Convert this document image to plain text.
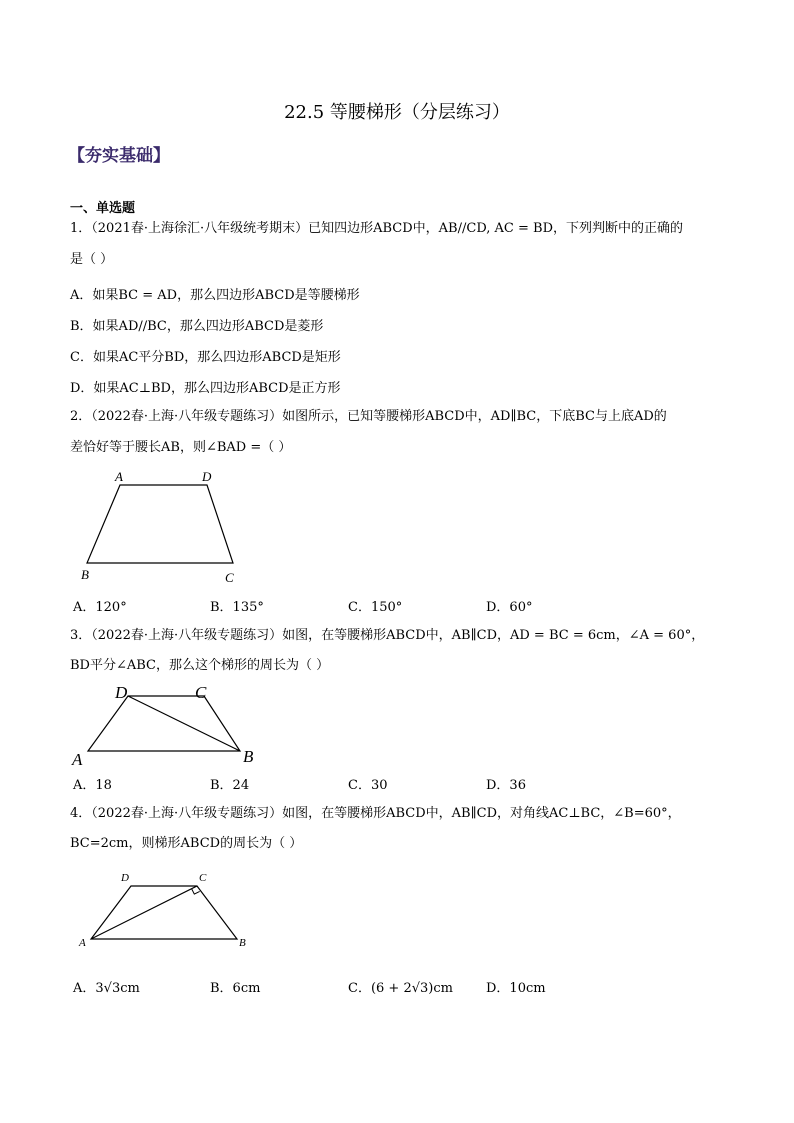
22.5 等腰梯形（分层练习）
【夯实基础】
一、单选题
1．（2021春·上海徐汇·八年级统考期末）已知四边形ABCD中，AB//CD, AC = BD，下列判断中的正确的
是（ ）
A．如果BC = AD，那么四边形ABCD是等腰梯形
B．如果AD//BC，那么四边形ABCD是菱形
C．如果AC平分BD，那么四边形ABCD是矩形
D．如果AC⊥BD，那么四边形ABCD是正方形
2．（2022春·上海·八年级专题练习）如图所示，已知等腰梯形ABCD中，AD∥BC，下底BC与上底AD的
差恰好等于腰长AB，则∠BAD =（ ）
A	D
B	C
A．120°	B．135°	C．150°	D．60°
3．（2022春·上海·八年级专题练习）如图，在等腰梯形ABCD中，AB∥CD，AD = BC = 6cm，∠A = 60°，
BD平分∠ABC，那么这个梯形的周长为（ ）
D	C
A	B
A．18	B．24	C．30	D．36
4．（2022春·上海·八年级专题练习）如图，在等腰梯形ABCD中，AB∥CD，对角线AC⊥BC，∠B=60°，
BC=2cm，则梯形ABCD的周长为（ ）
D	C
A	B
A．3√3cm	B．6cm	C．(6 + 2√3)cm	D．10cm
